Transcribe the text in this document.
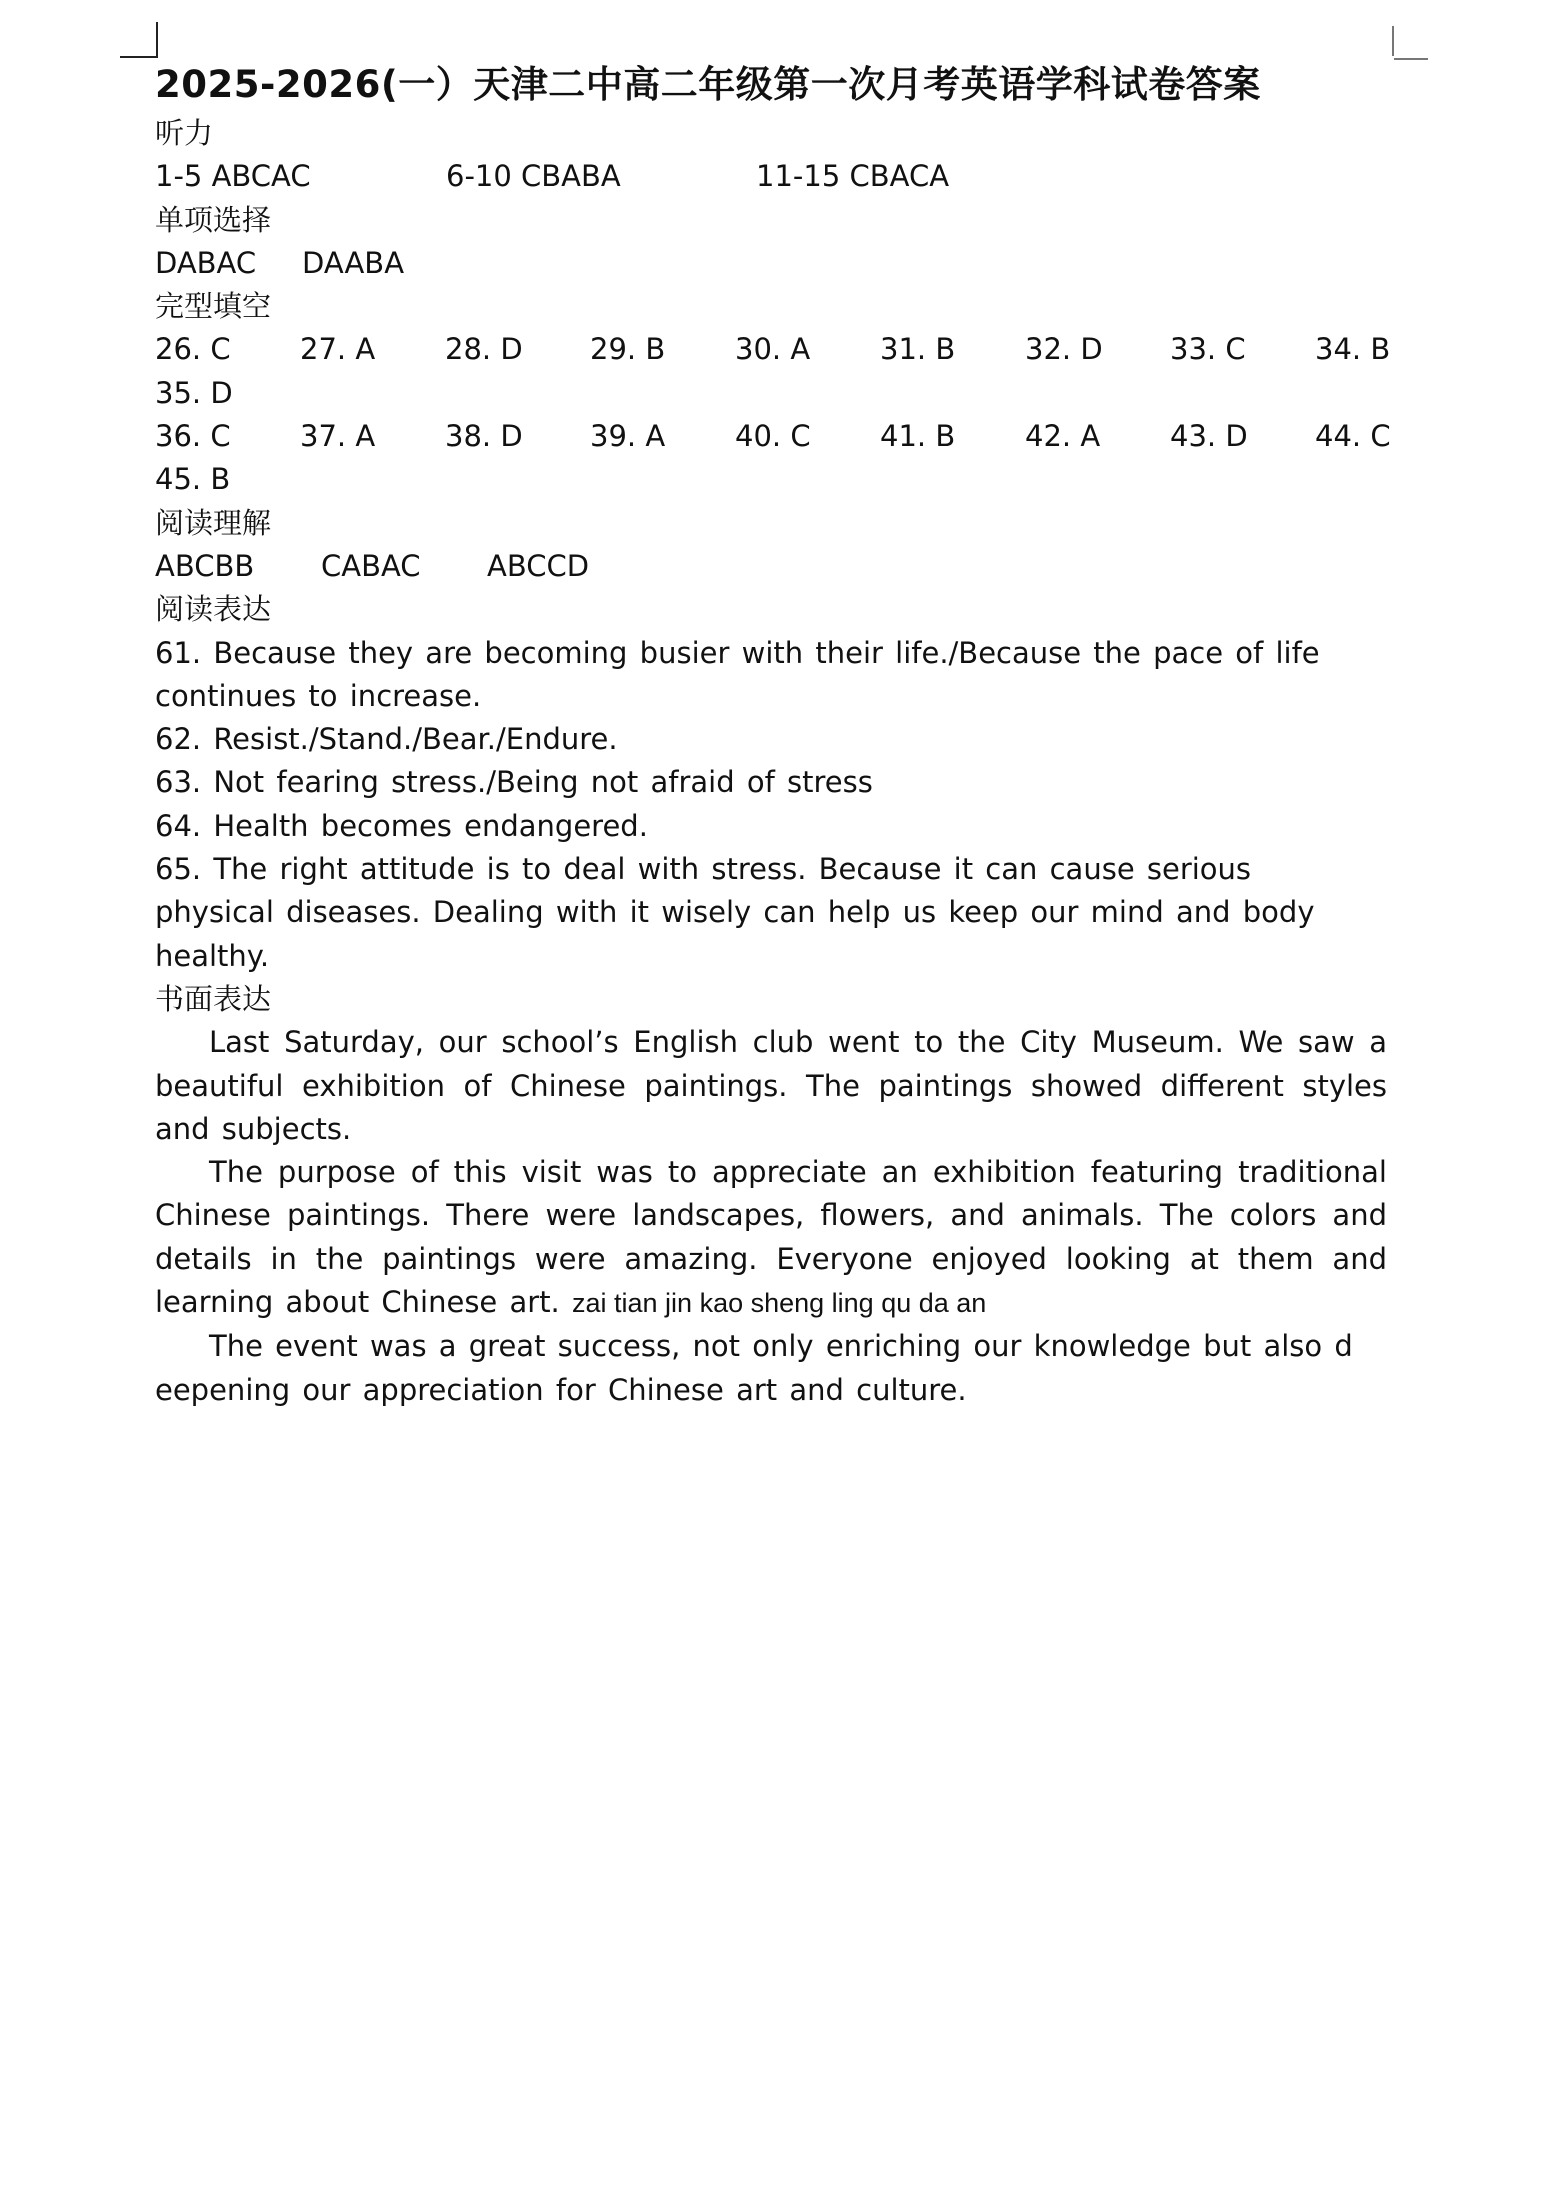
2025-2026(一）天津二中高二年级第一次月考英语学科试卷答案
听力
1-5 ABCAC	6-10 CBABA	11-15 CBACA
单项选择
DABAC	DAABA
完型填空
26. C	27. A	28. D	29. B	30. A	31. B	32. D	33. C	34. B
35. D
36. C	37. A	38. D	39. A	40. C	41. B	42. A	43. D	44. C
45. B
阅读理解
ABCBB	CABAC	ABCCD
阅读表达
61. Because they are becoming busier with their life./Because the pace of life continues to increase.
62. Resist./Stand./Bear./Endure.
63. Not fearing stress./Being not afraid of stress
64. Health becomes endangered.
65. The right attitude is to deal with stress. Because it can cause serious physical diseases. Dealing with it wisely can help us keep our mind and body healthy.
书面表达
Last Saturday, our school’s English club went to the City Museum. We saw a beautiful exhibition of Chinese paintings. The paintings showed different styles and subjects.
The purpose of this visit was to appreciate an exhibition featuring traditional Chinese paintings. There were landscapes, flowers, and animals. The colors and details in the paintings were amazing. Everyone enjoyed looking at them and learning about Chinese art. zai tian jin kao sheng ling qu da an
The event was a great success, not only enriching our knowledge but also d
eepening our appreciation for Chinese art and culture.
